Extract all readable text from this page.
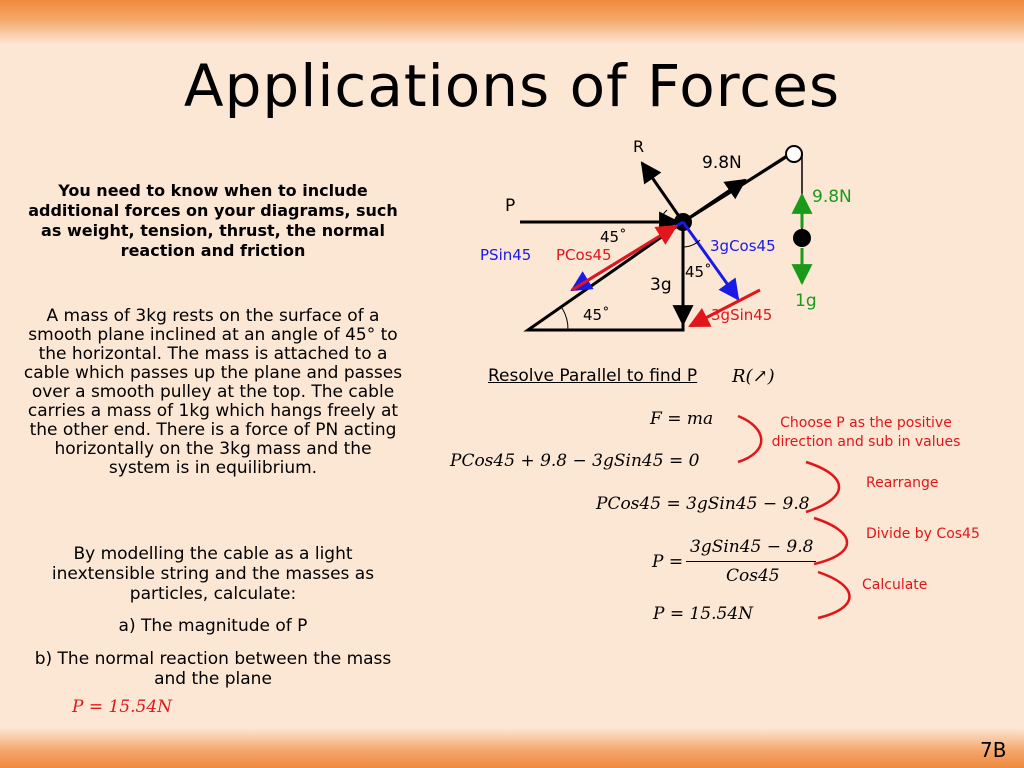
Applications of Forces
You need to know when to include additional forces on your diagrams, such as weight, tension, thrust, the normal reaction and friction
A mass of 3kg rests on the surface of a smooth plane inclined at an angle of 45° to the horizontal. The mass is attached to a cable which passes up the plane and passes over a smooth pulley at the top. The cable carries a mass of 1kg which hangs freely at the other end. There is a force of PN acting horizontally on the 3kg mass and the system is in equilibrium.
By modelling the cable as a light inextensible string and the masses as particles, calculate:
a) The magnitude of P
b) The normal reaction between the mass and the plane
P = 15.54N
R
9.8N
9.8N
P
45˚
PSin45 PCos45	3gCos45
45˚
3g
1g
45˚	3gSin45
Resolve Parallel to find P R(↗)
F = ma
PCos45 + 9.8 − 3gSin45 = 0
PCos45 = 3gSin45 − 9.8
P =
3gSin45 − 9.8
Cos45
P = 15.54N
Choose P as the positive direction and sub in values
Rearrange
Divide by Cos45
Calculate
7B
